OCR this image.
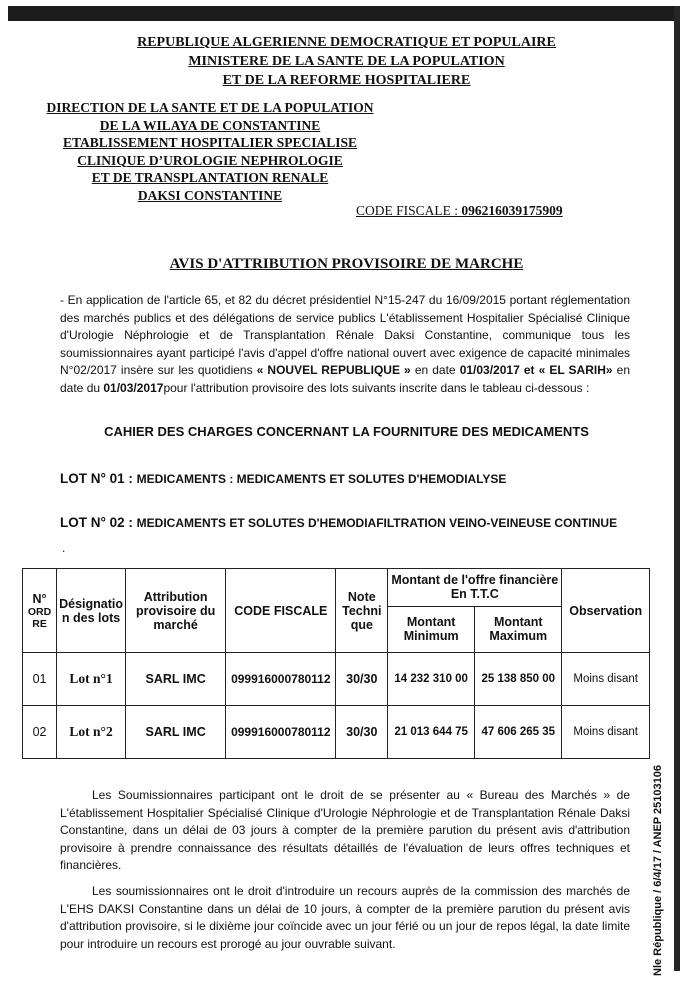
REPUBLIQUE ALGERIENNE DEMOCRATIQUE ET POPULAIRE
MINISTERE DE LA SANTE DE LA POPULATION
ET DE LA REFORME HOSPITALIERE
DIRECTION DE LA SANTE ET DE LA POPULATION
DE LA WILAYA DE CONSTANTINE
ETABLISSEMENT HOSPITALIER SPECIALISE
CLINIQUE D’UROLOGIE NEPHROLOGIE
ET DE TRANSPLANTATION RENALE
DAKSI CONSTANTINE
CODE FISCALE : 096216039175909
AVIS D'ATTRIBUTION PROVISOIRE DE MARCHE
- En application de l'article 65, et 82 du décret présidentiel N°15-247 du 16/09/2015 portant réglementation des marchés publics et des délégations de service publics L'établissement Hospitalier Spécialisé Clinique d'Urologie Néphrologie et de Transplantation Rénale Daksi Constantine, communique tous les soumissionnaires ayant participé l'avis d'appel d'offre national ouvert avec exigence de capacité minimales N°02/2017 insère sur les quotidiens « NOUVEL REPUBLIQUE » en date 01/03/2017 et « EL SARIH» en date du 01/03/2017pour l'attribution provisoire des lots suivants inscrite dans le tableau ci-dessous :
CAHIER DES CHARGES CONCERNANT LA FOURNITURE DES MEDICAMENTS
LOT N° 01 : MEDICAMENTS : MEDICAMENTS ET SOLUTES D'HEMODIALYSE
LOT N° 02 : MEDICAMENTS ET SOLUTES D'HEMODIAFILTRATION VEINO-VEINEUSE CONTINUE
.
N°
ORD
RE	Désignatio n des lots	Attribution provisoire du marché	CODE FISCALE	Note Techni que	Montant de l'offre financière En T.T.C		Observation
					Montant Minimum	Montant Maximum	
01	Lot n°1	SARL IMC	099916000780112	30/30	14 232 310 00	25 138 850 00	Moins disant
02	Lot n°2	SARL IMC	099916000780112	30/30	21 013 644 75	47 606 265 35	Moins disant
Les Soumissionnaires participant ont le droit de se présenter au « Bureau des Marchés » de L'établissement Hospitalier Spécialisé Clinique d'Urologie Néphrologie et de Transplantation Rénale Daksi Constantine, dans un délai de 03 jours à compter de la première parution du présent avis d'attribution provisoire à prendre connaissance des résultats détaillés de l'évaluation de leurs offres techniques et financières.
Les soumissionnaires ont le droit d'introduire un recours auprès de la commission des marchés de L'EHS DAKSI Constantine dans un délai de 10 jours, à compter de la première parution du présent avis d'attribution provisoire, si le dixième jour coïncide avec un jour férié ou un jour de repos légal, la date limite pour introduire un recours est prorogé au jour ouvrable suivant.	Nle République / 6/4/17 / ANEP 25103106
